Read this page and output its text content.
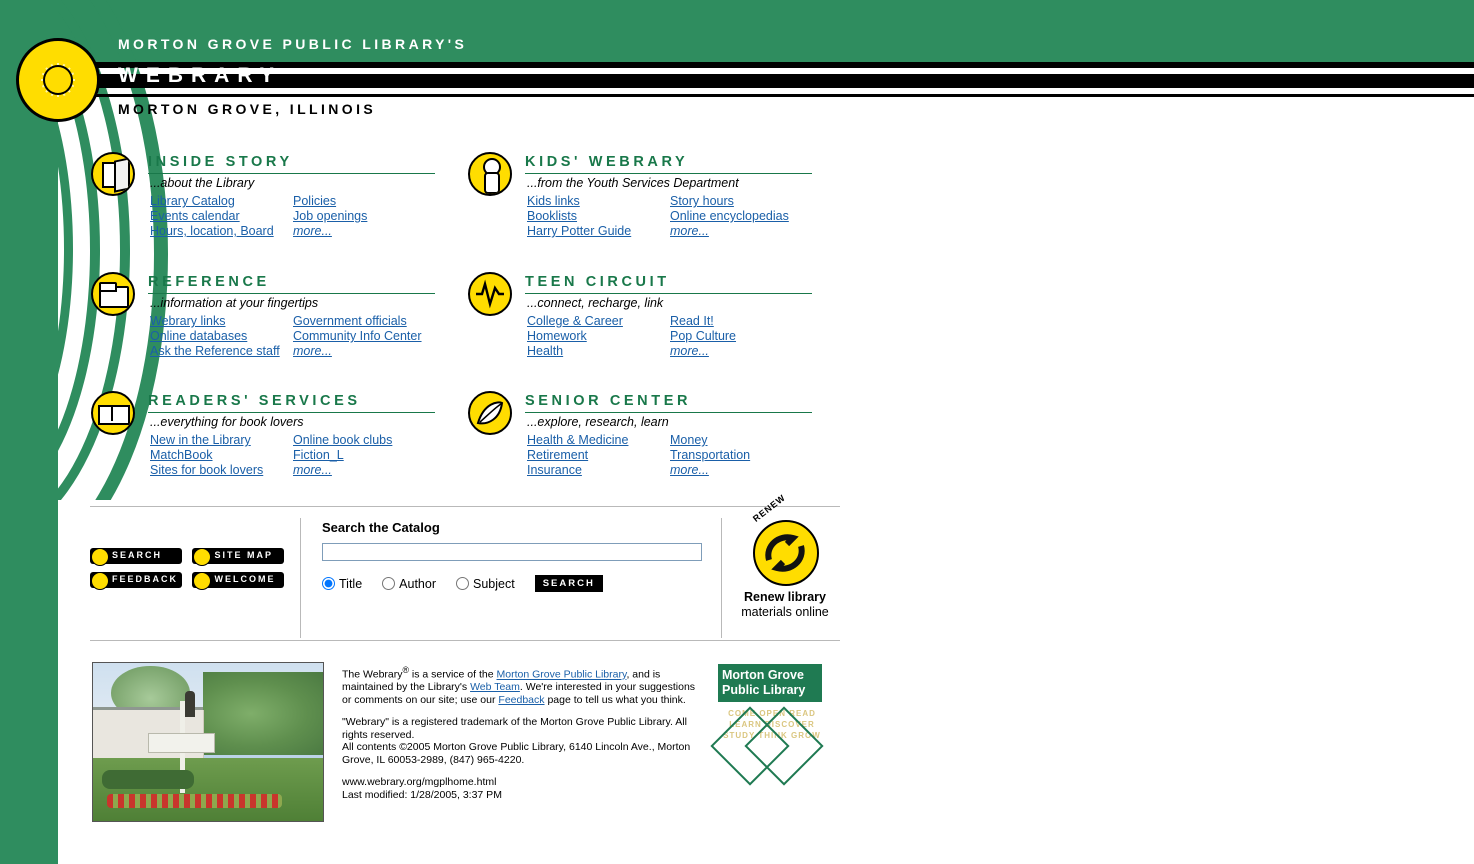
MORTON GROVE PUBLIC LIBRARY'S
WEBRARY
MORTON GROVE, ILLINOIS
INSIDE STORY
...about the Library
Library Catalog	Policies
Events calendar	Job openings
Hours, location, Board	more...
KIDS' WEBRARY
...from the Youth Services Department
Kids links	Story hours
Booklists	Online encyclopedias
Harry Potter Guide	more...
REFERENCE
...information at your fingertips
Webrary links	Government officials
Online databases	Community Info Center
Ask the Reference staff	more...
TEEN CIRCUIT
...connect, recharge, link
College & Career	Read It!
Homework	Pop Culture
Health	more...
READERS' SERVICES
...everything for book lovers
New in the Library	Online book clubs
MatchBook	Fiction_L
Sites for book lovers	more...
SENIOR CENTER
...explore, research, learn
Health & Medicine	Money
Retirement	Transportation
Insurance	more...
SEARCH
	SITE MAP

FEEDBACK
	WELCOME
Search the Catalog
Title	Author	Subject	SEARCH
RENEW
Renew library
materials online

The Webrary® is a service of the Morton Grove Public Library, and is maintained by the Library's Web Team. We're interested in your suggestions or comments on our site; use our Feedback page to tell us what you think.

"Webrary" is a registered trademark of the Morton Grove Public Library. All rights reserved.

All contents ©2005 Morton Grove Public Library, 6140 Lincoln Ave., Morton Grove, IL 60053-2989, (847) 965-4220.

www.webrary.org/mgplhome.html

Last modified: 1/28/2005, 3:37 PM

Morton Grove
Public Library
COME OPEN READ LEARN DISCOVER STUDY THINK GROW
